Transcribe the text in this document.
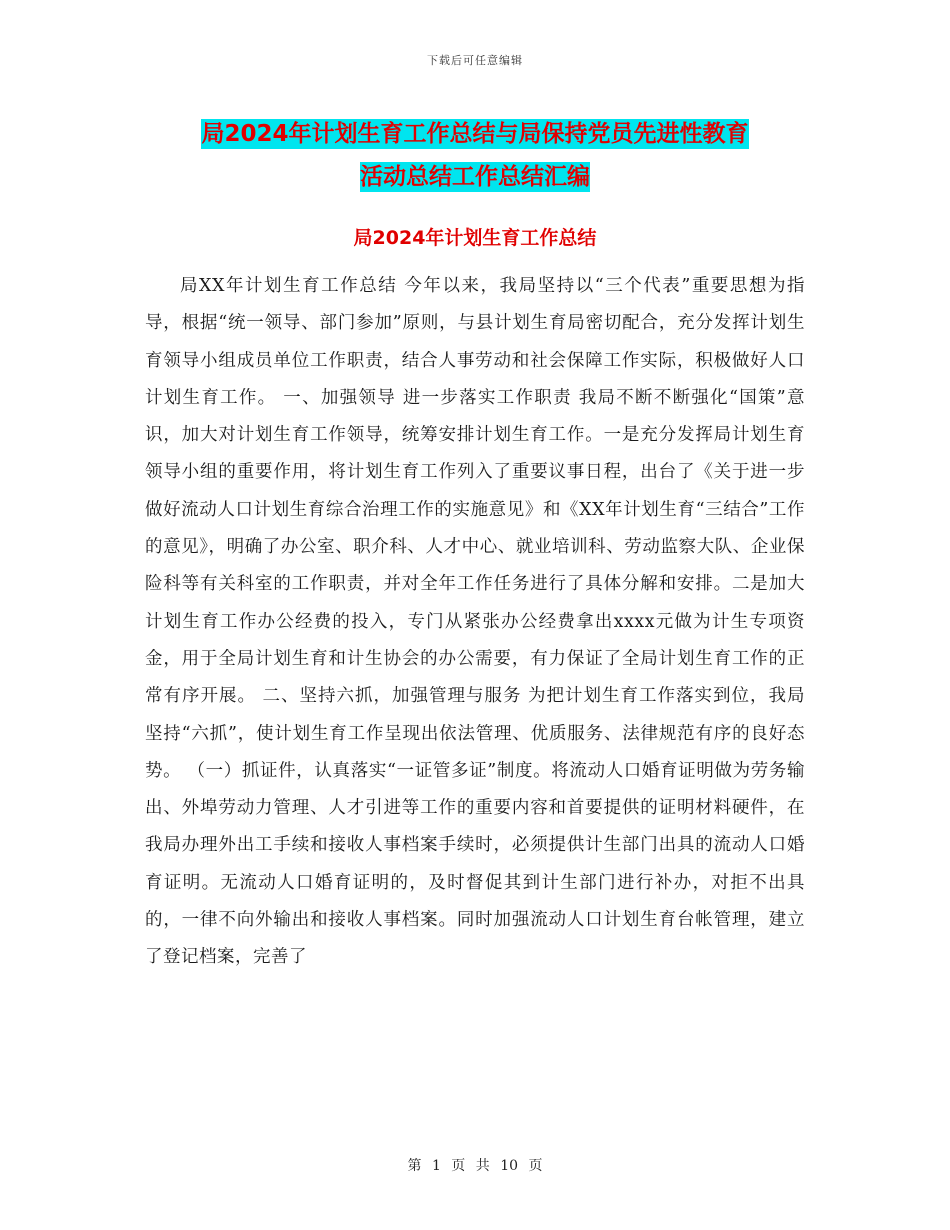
下载后可任意编辑
局2024年计划生育工作总结与局保持党员先进性教育
活动总结工作总结汇编
局2024年计划生育工作总结
局XX年计划生育工作总结 今年以来，我局坚持以“三个代表”重要思想为指导，根据“统一领导、部门参加”原则，与县计划生育局密切配合，充分发挥计划生育领导小组成员单位工作职责，结合人事劳动和社会保障工作实际，积极做好人口计划生育工作。 一、加强领导 进一步落实工作职责 我局不断不断强化“国策”意识，加大对计划生育工作领导，统筹安排计划生育工作。一是充分发挥局计划生育领导小组的重要作用，将计划生育工作列入了重要议事日程，出台了《关于进一步做好流动人口计划生育综合治理工作的实施意见》和《XX年计划生育“三结合”工作的意见》，明确了办公室、职介科、人才中心、就业培训科、劳动监察大队、企业保险科等有关科室的工作职责，并对全年工作任务进行了具体分解和安排。二是加大计划生育工作办公经费的投入，专门从紧张办公经费拿出xxxx元做为计生专项资金，用于全局计划生育和计生协会的办公需要，有力保证了全局计划生育工作的正常有序开展。 二、坚持六抓，加强管理与服务 为把计划生育工作落实到位，我局坚持“六抓”，使计划生育工作呈现出依法管理、优质服务、法律规范有序的良好态势。 （一）抓证件，认真落实“一证管多证”制度。将流动人口婚育证明做为劳务输出、外埠劳动力管理、人才引进等工作的重要内容和首要提供的证明材料硬件，在我局办理外出工手续和接收人事档案手续时，必须提供计生部门出具的流动人口婚育证明。无流动人口婚育证明的，及时督促其到计生部门进行补办，对拒不出具的，一律不向外输出和接收人事档案。同时加强流动人口计划生育台帐管理，建立了登记档案，完善了
第 1 页 共 10 页
